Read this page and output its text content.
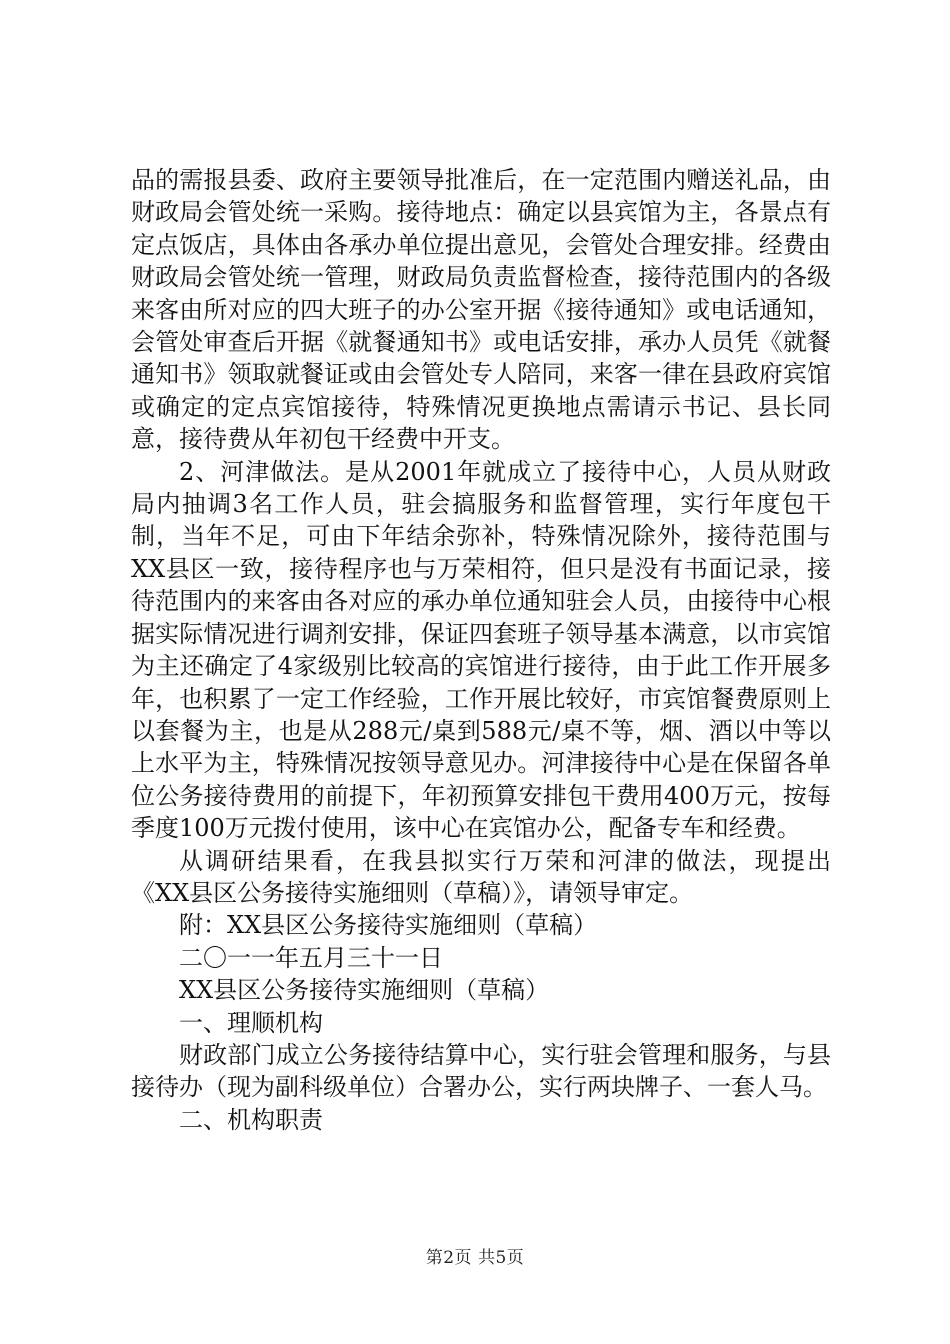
品的需报县委、政府主要领导批准后，在一定范围内赠送礼品，由财政局会管处统一采购。接待地点：确定以县宾馆为主，各景点有定点饭店，具体由各承办单位提出意见，会管处合理安排。经费由财政局会管处统一管理，财政局负责监督检查，接待范围内的各级来客由所对应的四大班子的办公室开据《接待通知》或电话通知，会管处审查后开据《就餐通知书》或电话安排，承办人员凭《就餐通知书》领取就餐证或由会管处专人陪同，来客一律在县政府宾馆或确定的定点宾馆接待，特殊情况更换地点需请示书记、县长同意，接待费从年初包干经费中开支。

2、河津做法。是从2001年就成立了接待中心，人员从财政局内抽调3名工作人员，驻会搞服务和监督管理，实行年度包干制，当年不足，可由下年结余弥补，特殊情况除外，接待范围与XX县区一致，接待程序也与万荣相符，但只是没有书面记录，接待范围内的来客由各对应的承办单位通知驻会人员，由接待中心根据实际情况进行调剂安排，保证四套班子领导基本满意，以市宾馆为主还确定了4家级别比较高的宾馆进行接待，由于此工作开展多年，也积累了一定工作经验，工作开展比较好，市宾馆餐费原则上以套餐为主，也是从288元/桌到588元/桌不等，烟、酒以中等以上水平为主，特殊情况按领导意见办。河津接待中心是在保留各单位公务接待费用的前提下，年初预算安排包干费用400万元，按每季度100万元拨付使用，该中心在宾馆办公，配备专车和经费。

从调研结果看，在我县拟实行万荣和河津的做法，现提出《XX县区公务接待实施细则（草稿）》，请领导审定。

附：XX县区公务接待实施细则（草稿）

二〇一一年五月三十一日

XX县区公务接待实施细则（草稿）

一、理顺机构

财政部门成立公务接待结算中心，实行驻会管理和服务，与县接待办（现为副科级单位）合署办公，实行两块牌子、一套人马。

二、机构职责

第2页 共5页
